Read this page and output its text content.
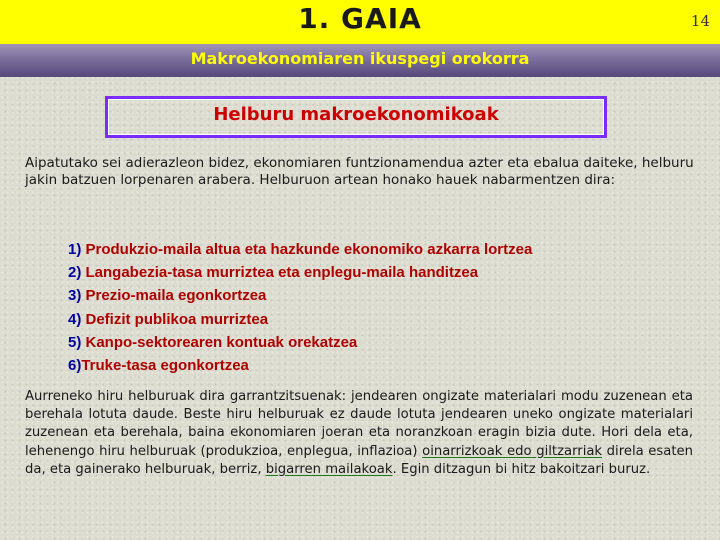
1. GAIA	14
Makroekonomiaren ikuspegi orokorra
Helburu makroekonomikoak

Aipatutako sei adierazleon bidez, ekonomiaren funtzionamendua azter eta ebalua daiteke, helburu jakin batzuen lorpenaren arabera. Helburuon artean honako hauek nabarmentzen dira:

1) Produkzio-maila altua eta hazkunde ekonomiko azkarra lortzea
2) Langabezia-tasa murriztea eta enplegu-maila handitzea
3) Prezio-maila egonkortzea
4) Defizit publikoa murriztea
5) Kanpo-sektorearen kontuak orekatzea
6)Truke-tasa egonkortzea

Aurreneko hiru helburuak dira garrantzitsuenak: jendearen ongizate materialari modu zuzenean eta berehala lotuta daude. Beste hiru helburuak ez daude lotuta jendearen uneko ongizate materialari zuzenean eta berehala, baina ekonomiaren joeran eta noranzkoan eragin bizia dute. Hori dela eta, lehenengo hiru helburuak (produkzioa, enplegua, inflazioa) oinarrizkoak edo giltzarriak direla esaten da, eta gainerako helburuak, berriz, bigarren mailakoak. Egin ditzagun bi hitz bakoitzari buruz.
